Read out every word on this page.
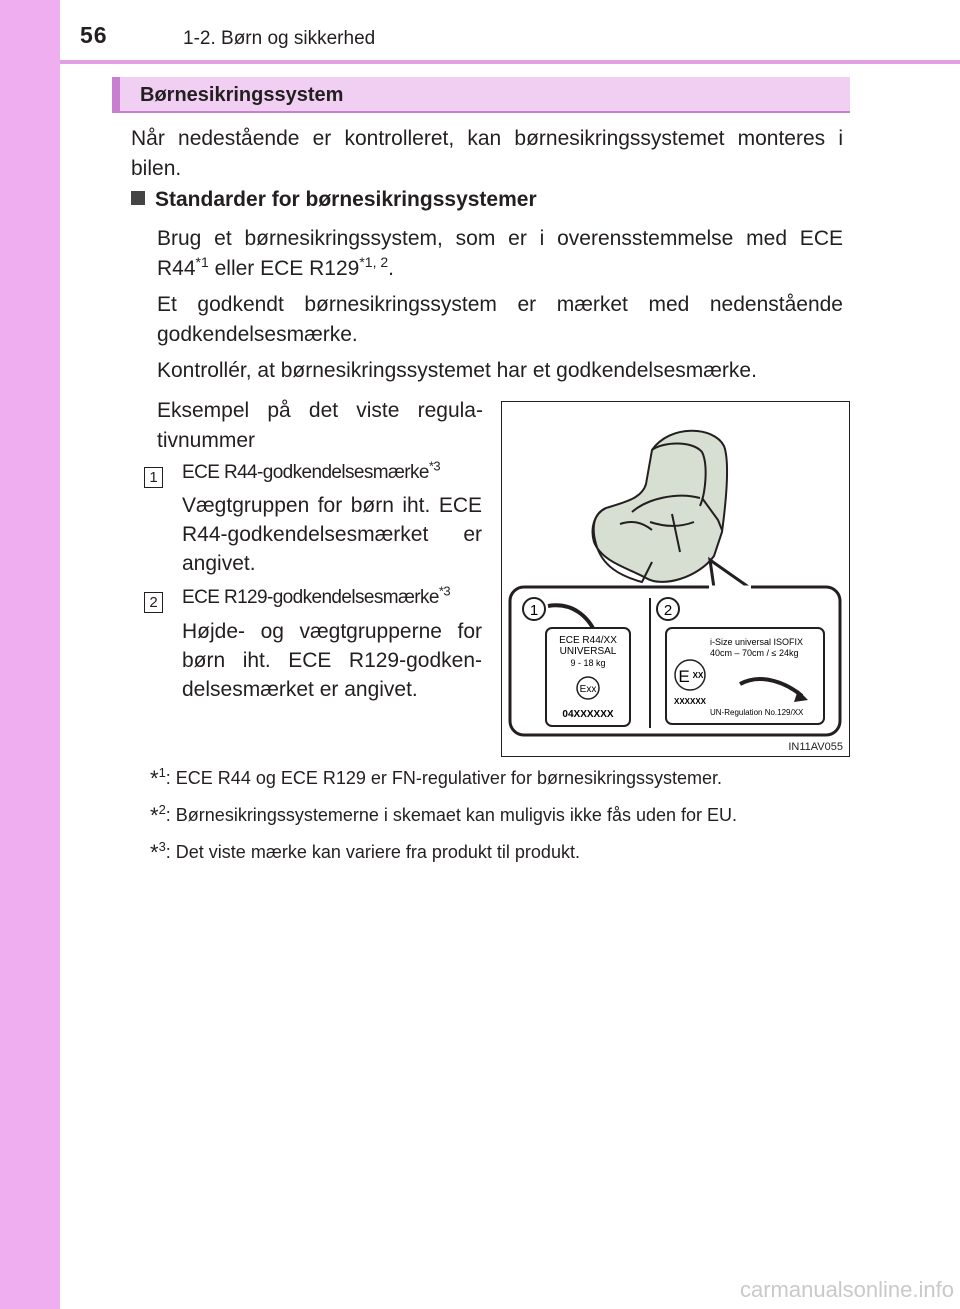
56	1-2. Børn og sikkerhed
Børnesikringssystem
Når nedestående er kontrolleret, kan børnesikringssystemet monteres i bilen.
Standarder for børnesikringssystemer
Brug et børnesikringssystem, som er i overensstemmelse med ECE R44$^{*1}$ eller ECE R129$^{*1, 2}$.
Et godkendt børnesikringssystem er mærket med nedenstående godkendelsesmærke.
Kontrollér, at børnesikringssystemet har et godkendelsesmærke.
Eksempel på det viste regulativnummer
1 ECE R44-godkendelsesmærke$^{*3}$
Vægtgruppen for børn iht. ECE R44-godkendelsesmærket er angivet.
2 ECE R129-godkendelsesmærke$^{*3}$
Højde- og vægtgrupperne for børn iht. ECE R129-godkendelsesmærket er angivet.
1
ECE R44/XX
UNIVERSAL
9 - 18 kg
Exx
04XXXXXX
2
i-Size universal ISOFIX
40cm – 70cm / ≤ 24kg
E XX
XXXXXX
UN-Regulation No.129/XX
IN11AV055
*$^1$: ECE R44 og ECE R129 er FN-regulativer for børnesikringssystemer.
*$^2$: Børnesikringssystemerne i skemaet kan muligvis ikke fås uden for EU.
*$^3$: Det viste mærke kan variere fra produkt til produkt.
carmanualsonline.info
